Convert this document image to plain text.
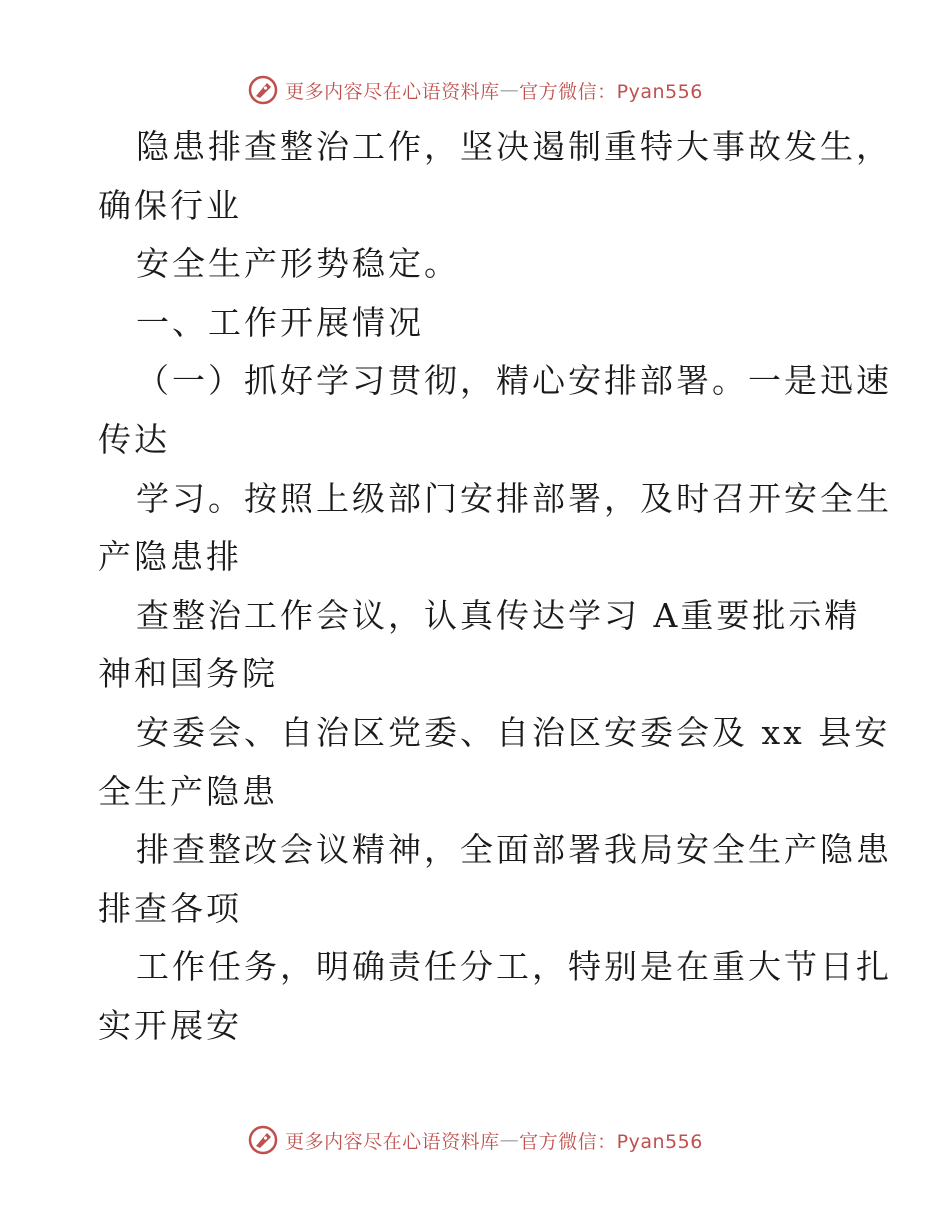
更多内容尽在心语资料库 — 官方微信：Pyan556
隐患排查整治工作，坚决遏制重特大事故发生，
确保行业
安全生产形势稳定。
一、工作开展情况
（一）抓好学习贯彻，精心安排部署。一是迅速
传达
学习。按照上级部门安排部署，及时召开安全生
产隐患排
查整治工作会议，认真传达学习 A重要批示精
神和国务院
安委会、自治区党委、自治区安委会及 xx 县安
全生产隐患
排查整改会议精神，全面部署我局安全生产隐患
排查各项
工作任务，明确责任分工，特别是在重大节日扎
实开展安
更多内容尽在心语资料库 — 官方微信：Pyan556
